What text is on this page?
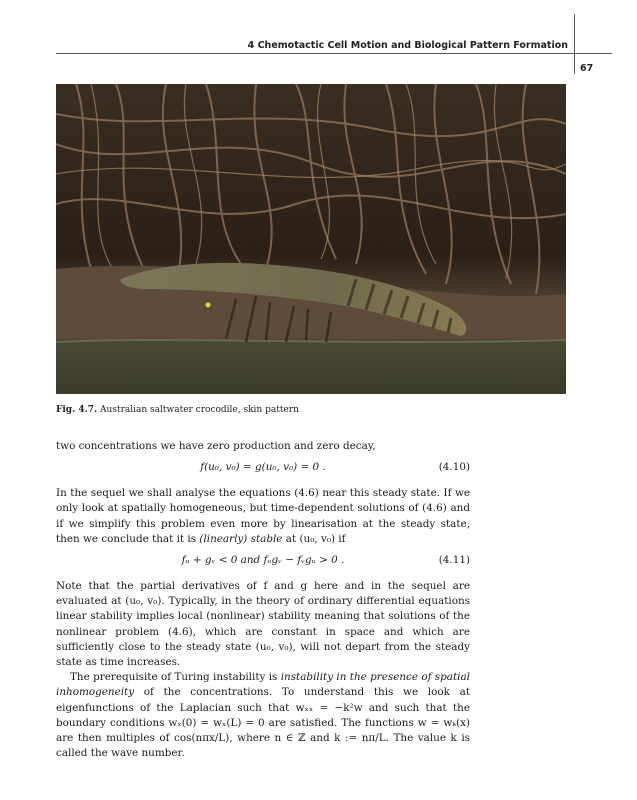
4 Chemotactic Cell Motion and Biological Pattern Formation
67
Fig. 4.7. Australian saltwater crocodile, skin pattern

two concentrations we have zero production and zero decay,

f(u₀, v₀) = g(u₀, v₀) = 0 .	(4.10)

In the sequel we shall analyse the equations (4.6) near this steady state. If we only look at spatially homogeneous, but time-dependent solutions of (4.6) and if we simplify this problem even more by linearisation at the steady state, then we conclude that it is (linearly) stable at (u₀, v₀) if

fᵤ + gᵥ < 0 and fᵤgᵥ − fᵥgᵤ > 0 .	(4.11)

Note that the partial derivatives of f and g here and in the sequel are evaluated at (u₀, v₀). Typically, in the theory of ordinary differential equations linear stability implies local (nonlinear) stability meaning that solutions of the nonlinear problem (4.6), which are constant in space and which are sufficiently close to the steady state (u₀, v₀), will not depart from the steady state as time increases.

The prerequisite of Turing instability is instability in the presence of spatial inhomogeneity of the concentrations. To understand this we look at eigenfunctions of the Laplacian such that wₓₓ = −k²w and such that the boundary conditions wₓ(0) = wₓ(L) = 0 are satisfied. The functions w = wₖ(x) are then multiples of cos(nπx/L), where n ∈ ℤ and k := nπ/L. The value k is called the wave number.
